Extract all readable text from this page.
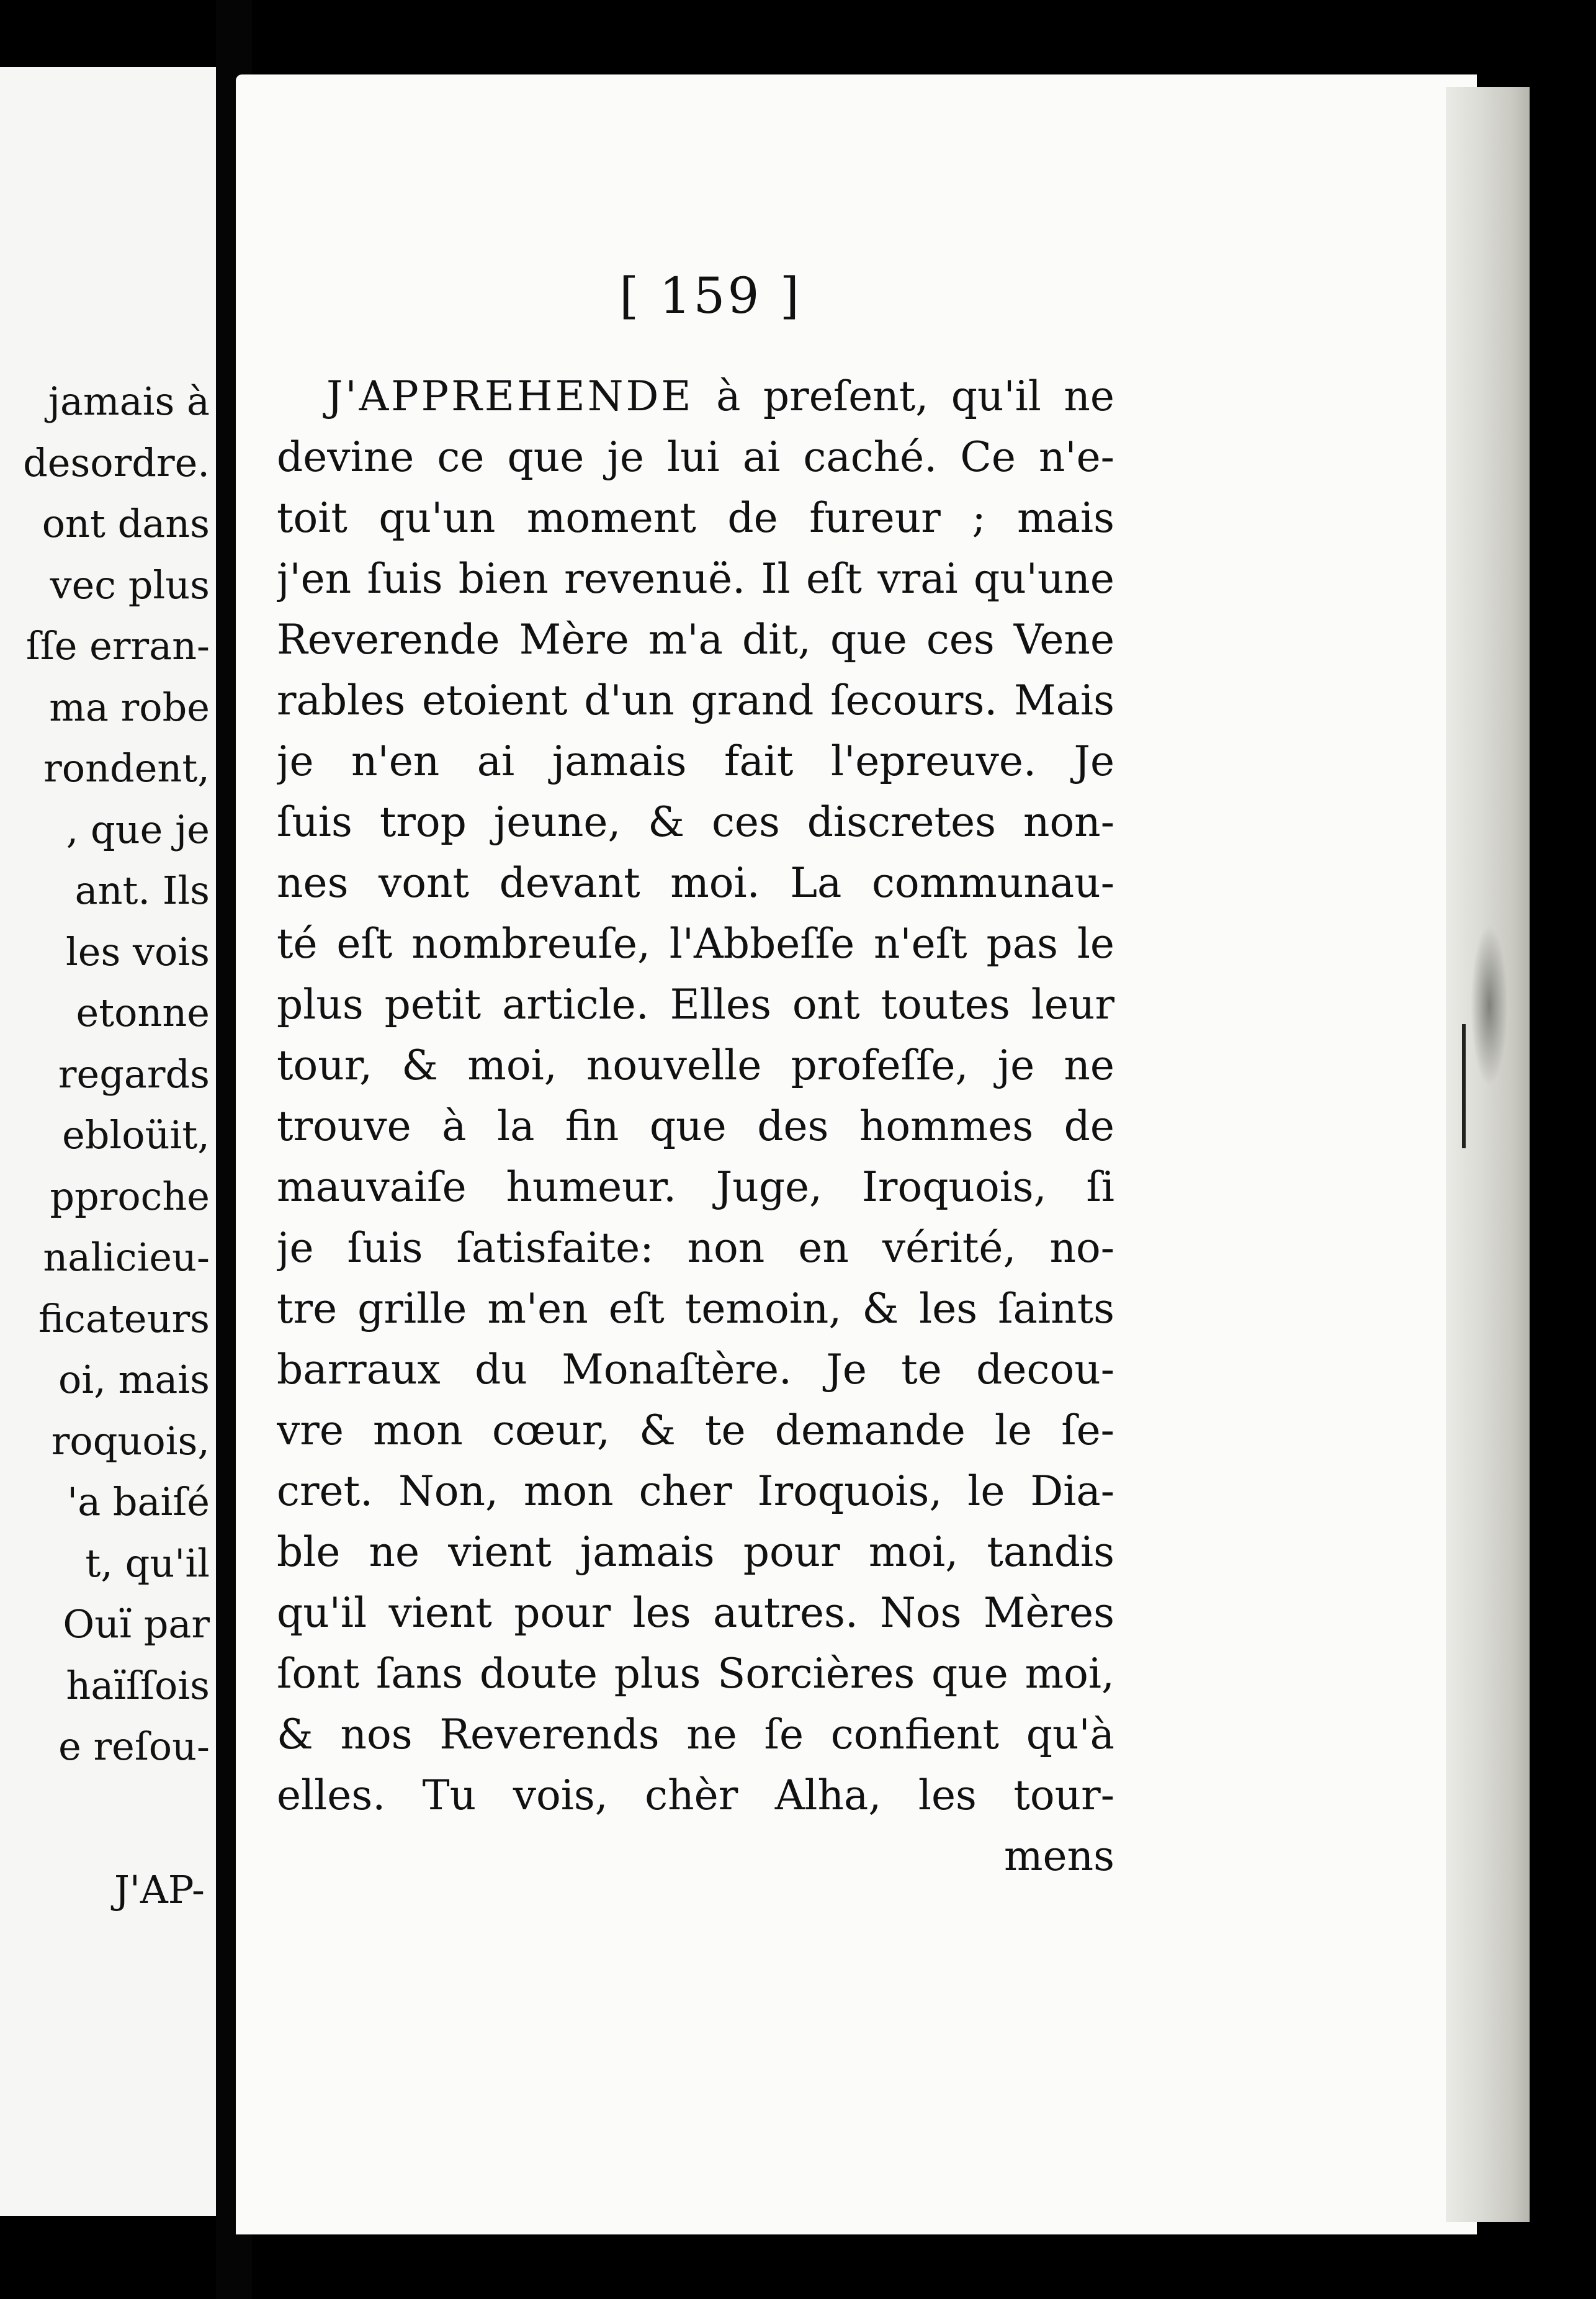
jamais à
desordre.
ont dans
vec plus
ſſe erran-
ma robe
rondent,
, que je
ant. Ils
les vois
etonne
regards
ebloüit,
pproche
nalicieu-
ficateurs
oi, mais
roquois,
'a baiſé
t, qu'il
Ouï par
haïſſois
e reſou-
J'AP-
[ 159 ]
J'APPREHENDE à preſent, qu'il ne
devine ce que je lui ai caché. Ce n'e-
toit qu'un moment de fureur ; mais
j'en ſuis bien revenuë. Il eſt vrai qu'une
Reverende Mère m'a dit, que ces Vene
rables etoient d'un grand ſecours. Mais
je n'en ai jamais fait l'epreuve. Je
ſuis trop jeune, & ces discretes non-
nes vont devant moi. La communau-
té eſt nombreuſe, l'Abbeſſe n'eſt pas le
plus petit article. Elles ont toutes leur
tour, & moi, nouvelle profeſſe, je ne
trouve à la fin que des hommes de
mauvaiſe humeur. Juge, Iroquois, ſi
je ſuis ſatisfaite: non en vérité, no-
tre grille m'en eſt temoin, & les ſaints
barraux du Monaſtère. Je te decou-
vre mon cœur, & te demande le ſe-
cret. Non, mon cher Iroquois, le Dia-
ble ne vient jamais pour moi, tandis
qu'il vient pour les autres. Nos Mères
ſont ſans doute plus Sorcières que moi,
& nos Reverends ne ſe confient qu'à
elles. Tu vois, chèr Alha, les tour-
mens
